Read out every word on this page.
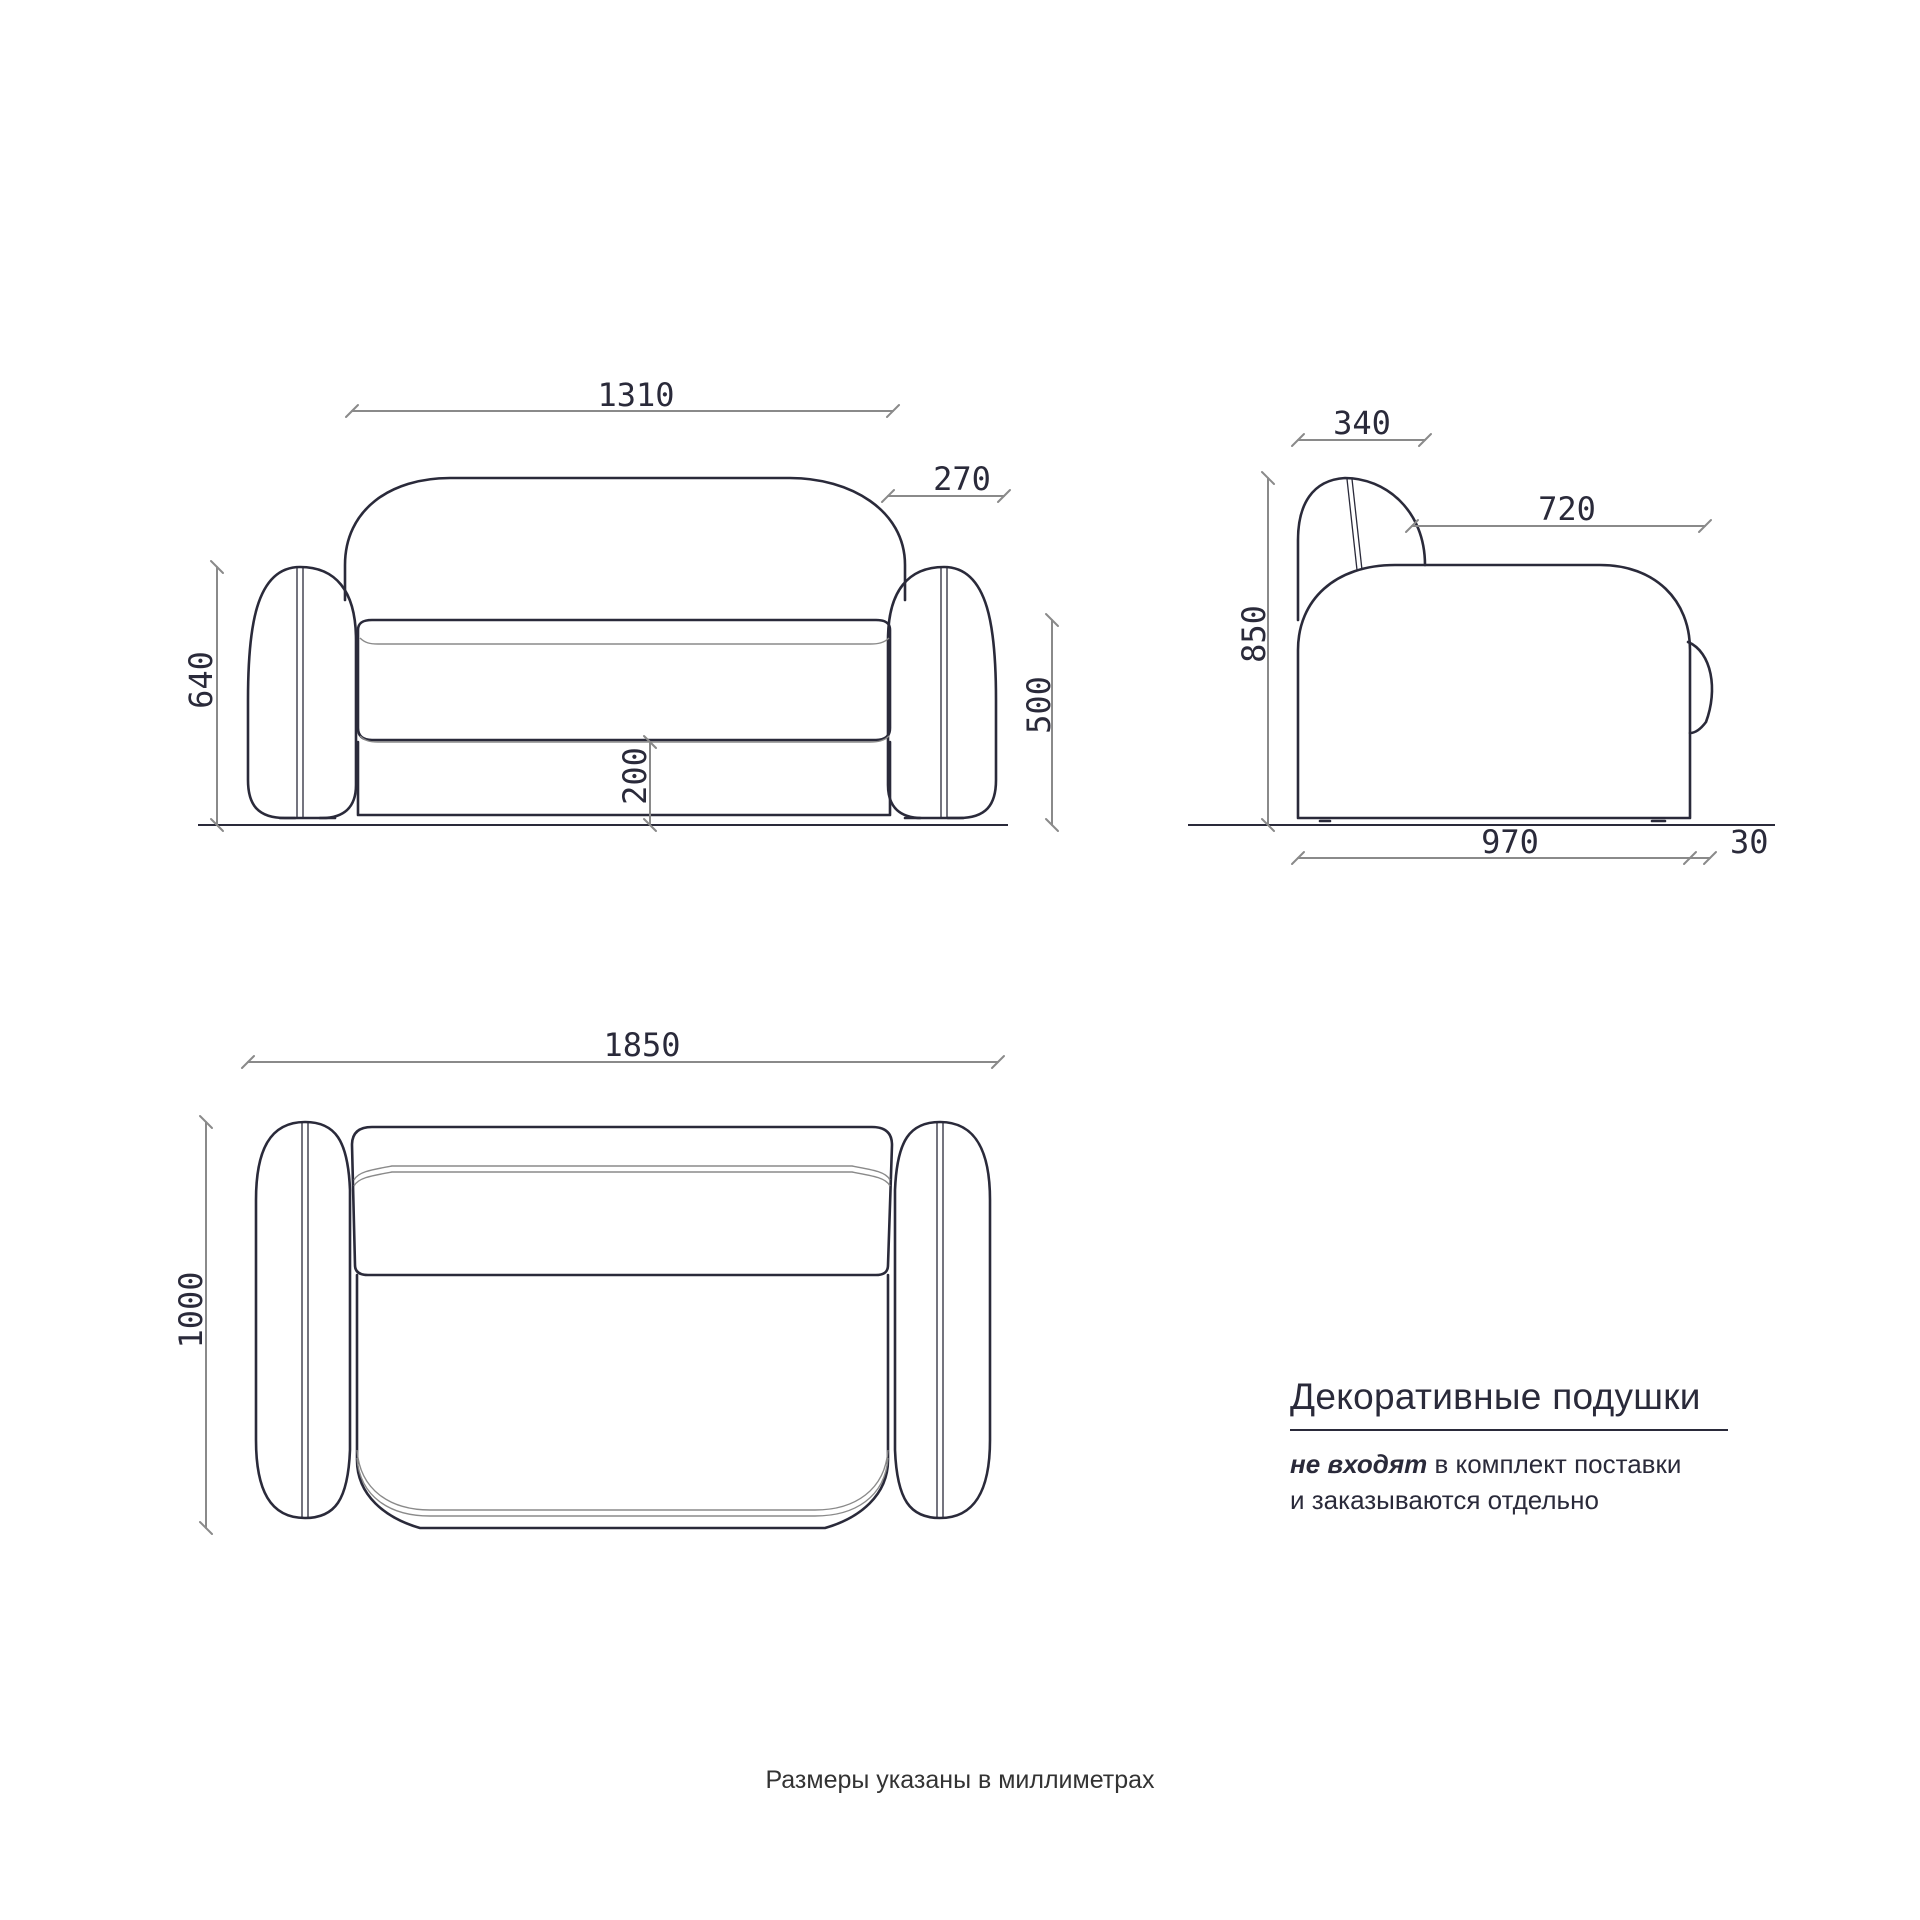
1310
270
640	500
200
340
720
850
970	30
1850
1000
Декоративные подушки
не входят в комплект поставки
и заказываются отдельно
Размеры указаны в миллиметрах
